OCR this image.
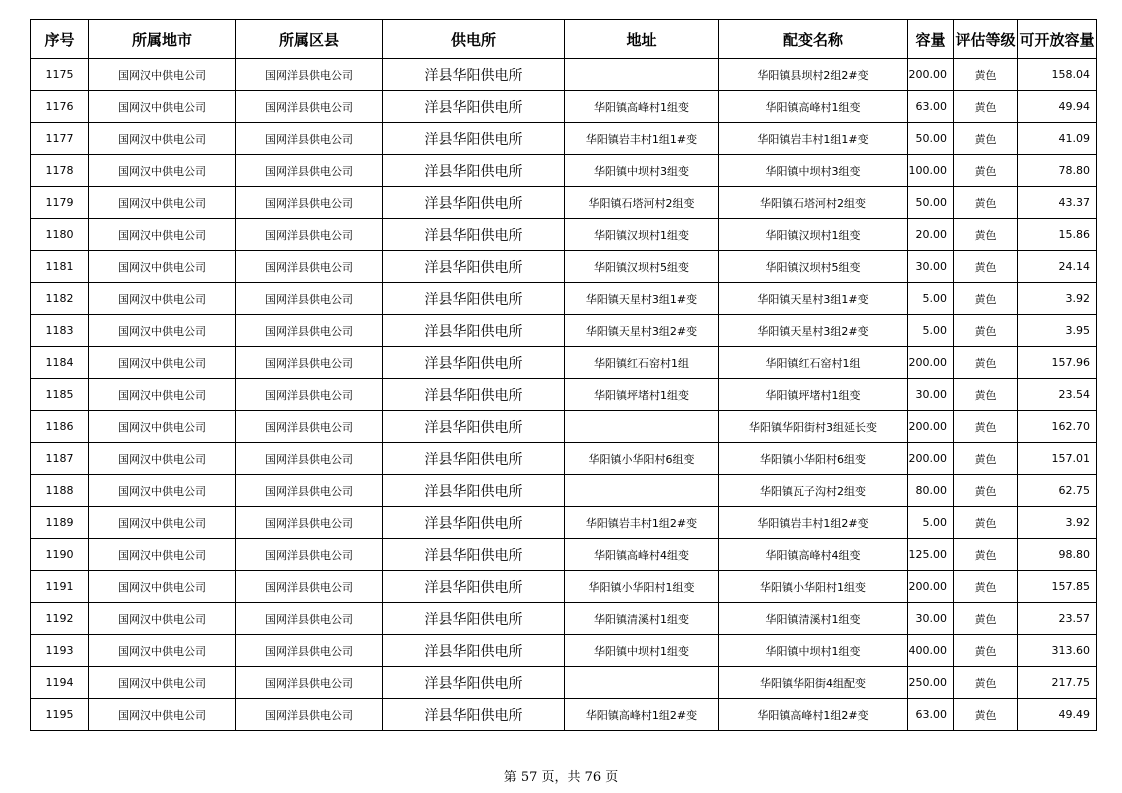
序号	所属地市	所属区县	供电所	地址	配变名称	容量	评估等级	可开放容量
1175	国网汉中供电公司	国网洋县供电公司	洋县华阳供电所		华阳镇县坝村2组2#变	200.00	黄色	158.04
1176	国网汉中供电公司	国网洋县供电公司	洋县华阳供电所	华阳镇高峰村1组变	华阳镇高峰村1组变	63.00	黄色	49.94
1177	国网汉中供电公司	国网洋县供电公司	洋县华阳供电所	华阳镇岩丰村1组1#变	华阳镇岩丰村1组1#变	50.00	黄色	41.09
1178	国网汉中供电公司	国网洋县供电公司	洋县华阳供电所	华阳镇中坝村3组变	华阳镇中坝村3组变	100.00	黄色	78.80
1179	国网汉中供电公司	国网洋县供电公司	洋县华阳供电所	华阳镇石塔河村2组变	华阳镇石塔河村2组变	50.00	黄色	43.37
1180	国网汉中供电公司	国网洋县供电公司	洋县华阳供电所	华阳镇汉坝村1组变	华阳镇汉坝村1组变	20.00	黄色	15.86
1181	国网汉中供电公司	国网洋县供电公司	洋县华阳供电所	华阳镇汉坝村5组变	华阳镇汉坝村5组变	30.00	黄色	24.14
1182	国网汉中供电公司	国网洋县供电公司	洋县华阳供电所	华阳镇天星村3组1#变	华阳镇天星村3组1#变	5.00	黄色	3.92
1183	国网汉中供电公司	国网洋县供电公司	洋县华阳供电所	华阳镇天星村3组2#变	华阳镇天星村3组2#变	5.00	黄色	3.95
1184	国网汉中供电公司	国网洋县供电公司	洋县华阳供电所	华阳镇红石窑村1组	华阳镇红石窑村1组	200.00	黄色	157.96
1185	国网汉中供电公司	国网洋县供电公司	洋县华阳供电所	华阳镇坪堵村1组变	华阳镇坪堵村1组变	30.00	黄色	23.54
1186	国网汉中供电公司	国网洋县供电公司	洋县华阳供电所		华阳镇华阳街村3组延长变	200.00	黄色	162.70
1187	国网汉中供电公司	国网洋县供电公司	洋县华阳供电所	华阳镇小华阳村6组变	华阳镇小华阳村6组变	200.00	黄色	157.01
1188	国网汉中供电公司	国网洋县供电公司	洋县华阳供电所		华阳镇瓦子沟村2组变	80.00	黄色	62.75
1189	国网汉中供电公司	国网洋县供电公司	洋县华阳供电所	华阳镇岩丰村1组2#变	华阳镇岩丰村1组2#变	5.00	黄色	3.92
1190	国网汉中供电公司	国网洋县供电公司	洋县华阳供电所	华阳镇高峰村4组变	华阳镇高峰村4组变	125.00	黄色	98.80
1191	国网汉中供电公司	国网洋县供电公司	洋县华阳供电所	华阳镇小华阳村1组变	华阳镇小华阳村1组变	200.00	黄色	157.85
1192	国网汉中供电公司	国网洋县供电公司	洋县华阳供电所	华阳镇清溪村1组变	华阳镇清溪村1组变	30.00	黄色	23.57
1193	国网汉中供电公司	国网洋县供电公司	洋县华阳供电所	华阳镇中坝村1组变	华阳镇中坝村1组变	400.00	黄色	313.60
1194	国网汉中供电公司	国网洋县供电公司	洋县华阳供电所		华阳镇华阳街4组配变	250.00	黄色	217.75
1195	国网汉中供电公司	国网洋县供电公司	洋县华阳供电所	华阳镇高峰村1组2#变	华阳镇高峰村1组2#变	63.00	黄色	49.49
第 57 页，共 76 页
